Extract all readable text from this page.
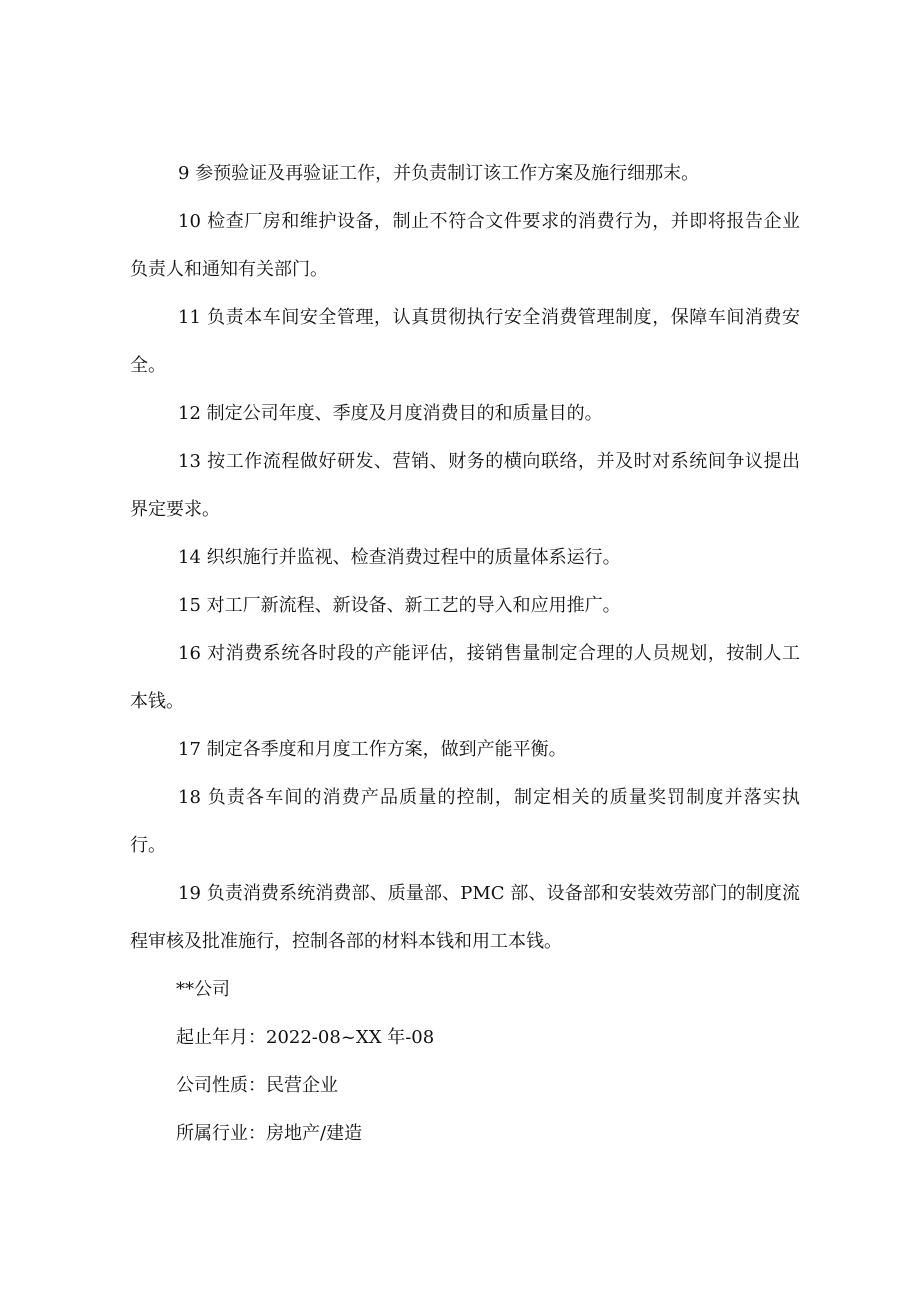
9 参预验证及再验证工作，并负责制订该工作方案及施行细那末。

10 检查厂房和维护设备，制止不符合文件要求的消费行为，并即将报告企业负责人和通知有关部门。

11 负责本车间安全管理，认真贯彻执行安全消费管理制度，保障车间消费安全。

12 制定公司年度、季度及月度消费目的和质量目的。

13 按工作流程做好研发、营销、财务的横向联络，并及时对系统间争议提出界定要求。

14 织织施行并监视、检查消费过程中的质量体系运行。

15 对工厂新流程、新设备、新工艺的导入和应用推广。

16 对消费系统各时段的产能评估，接销售量制定合理的人员规划，按制人工本钱。

17 制定各季度和月度工作方案，做到产能平衡。

18 负责各车间的消费产品质量的控制，制定相关的质量奖罚制度并落实执行。

19 负责消费系统消费部、质量部、PMC 部、设备部和安装效劳部门的制度流程审核及批准施行，控制各部的材料本钱和用工本钱。

**公司

起止年月：2022-08~XX 年-08

公司性质：民营企业

所属行业：房地产/建造
